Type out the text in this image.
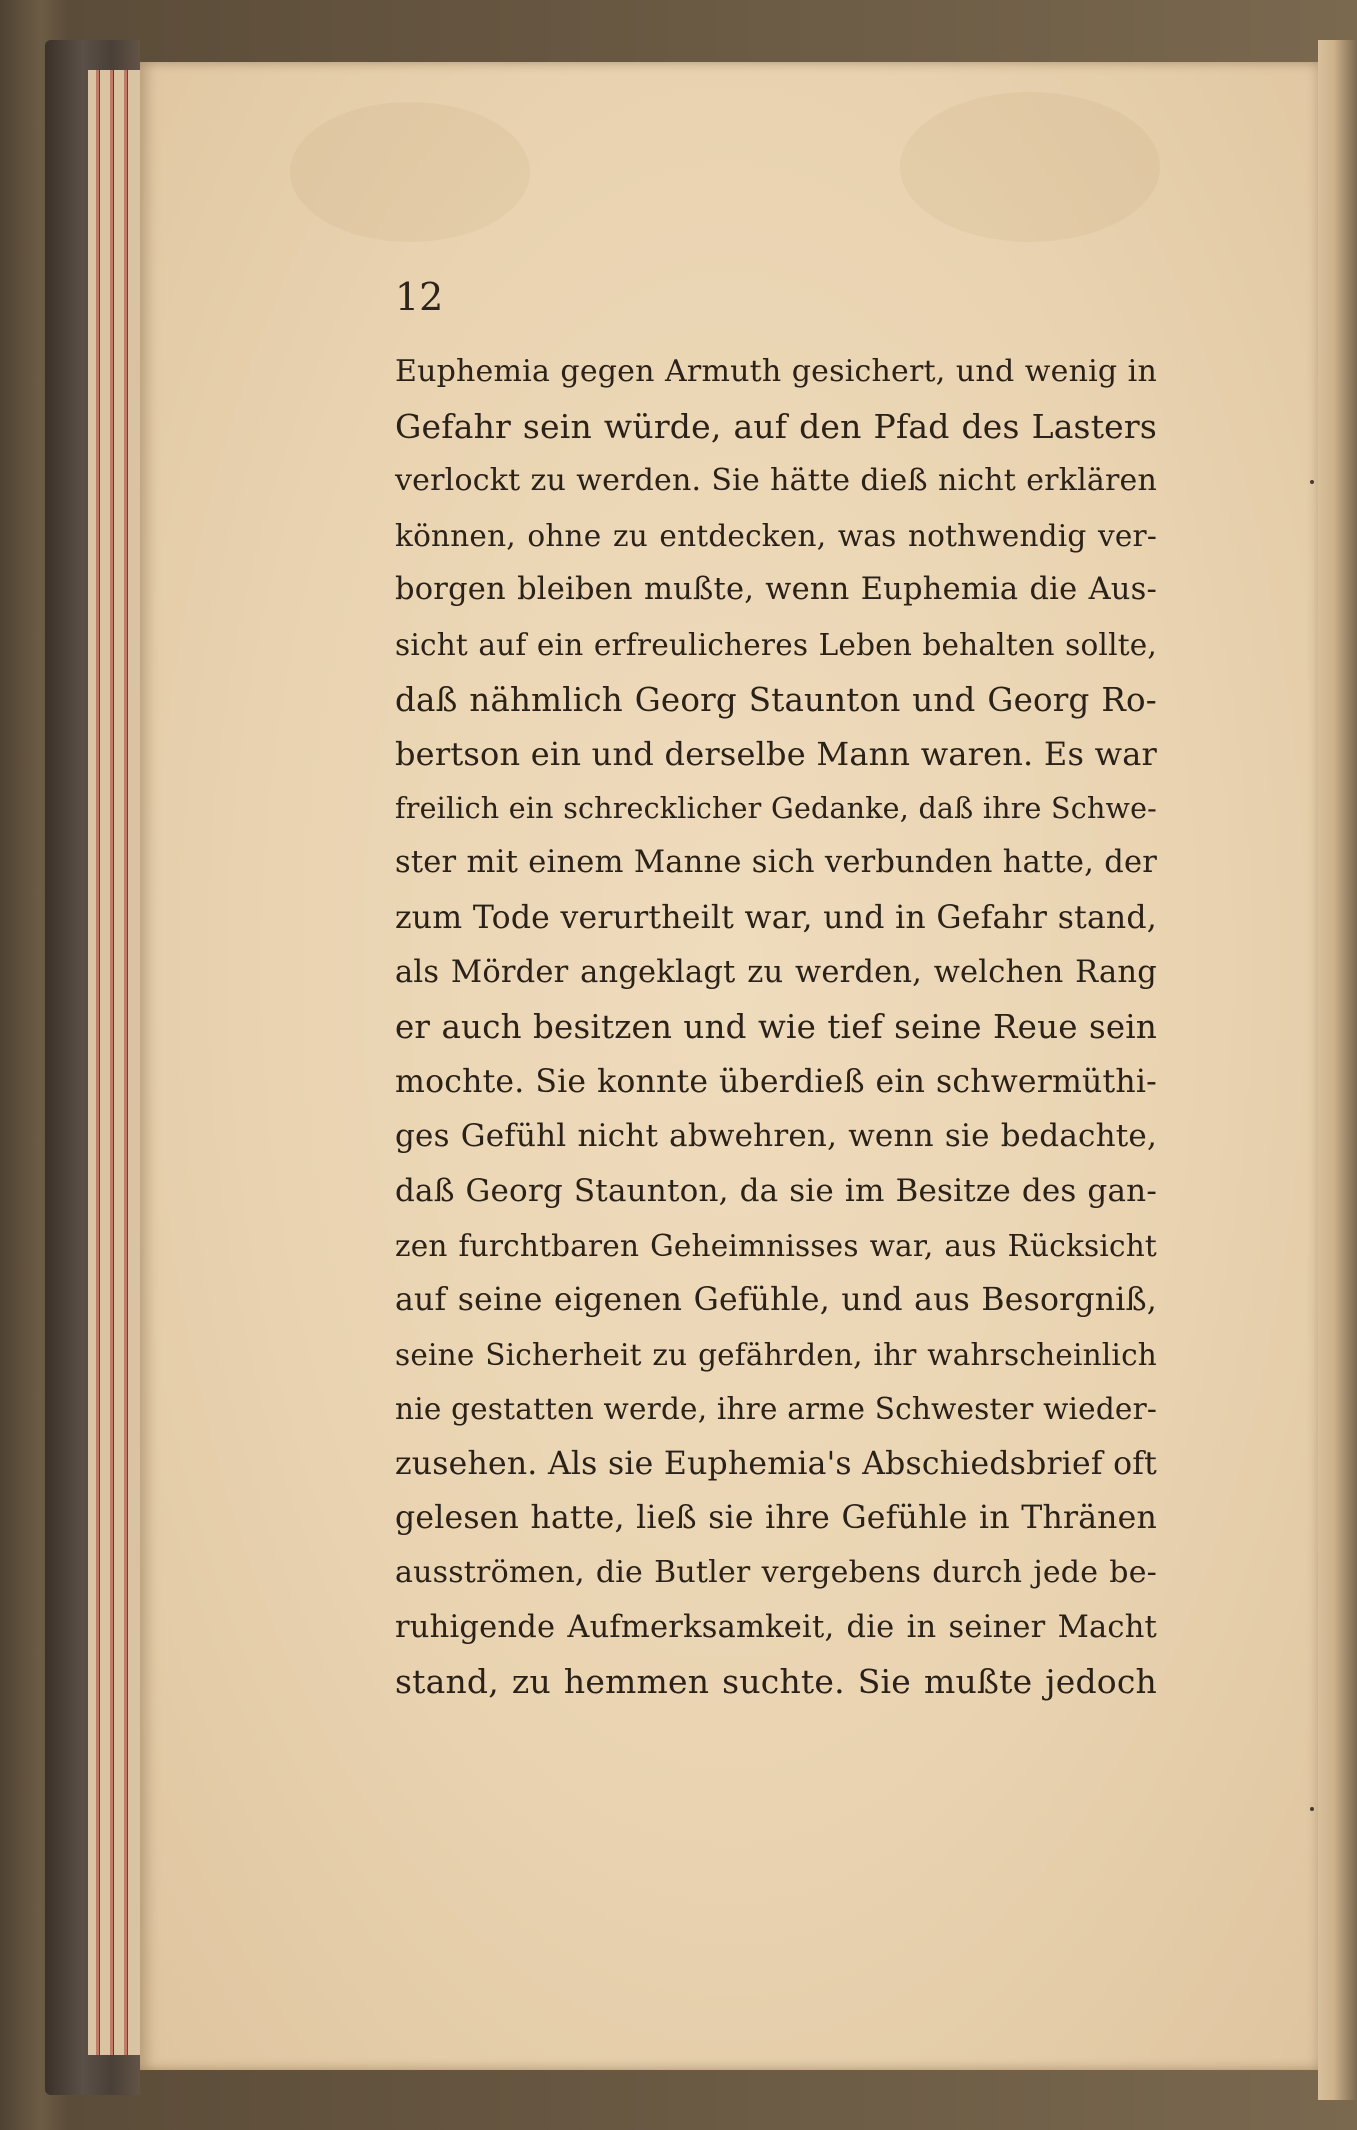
12

Euphemia gegen Armuth gesichert, und wenig in
Gefahr sein würde, auf den Pfad des Lasters
verlockt zu werden. Sie hätte dieß nicht erklären
können, ohne zu entdecken, was nothwendig ver-
borgen bleiben mußte, wenn Euphemia die Aus-
sicht auf ein erfreulicheres Leben behalten sollte,
daß nähmlich Georg Staunton und Georg Ro-
bertson ein und derselbe Mann waren. Es war
freilich ein schrecklicher Gedanke, daß ihre Schwe-
ster mit einem Manne sich verbunden hatte, der
zum Tode verurtheilt war, und in Gefahr stand,
als Mörder angeklagt zu werden, welchen Rang
er auch besitzen und wie tief seine Reue sein
mochte. Sie konnte überdieß ein schwermüthi-
ges Gefühl nicht abwehren, wenn sie bedachte,
daß Georg Staunton, da sie im Besitze des gan-
zen furchtbaren Geheimnisses war, aus Rücksicht
auf seine eigenen Gefühle, und aus Besorgniß,
seine Sicherheit zu gefährden, ihr wahrscheinlich
nie gestatten werde, ihre arme Schwester wieder-
zusehen. Als sie Euphemia's Abschiedsbrief oft
gelesen hatte, ließ sie ihre Gefühle in Thränen
ausströmen, die Butler vergebens durch jede be-
ruhigende Aufmerksamkeit, die in seiner Macht
stand, zu hemmen suchte. Sie mußte jedoch
